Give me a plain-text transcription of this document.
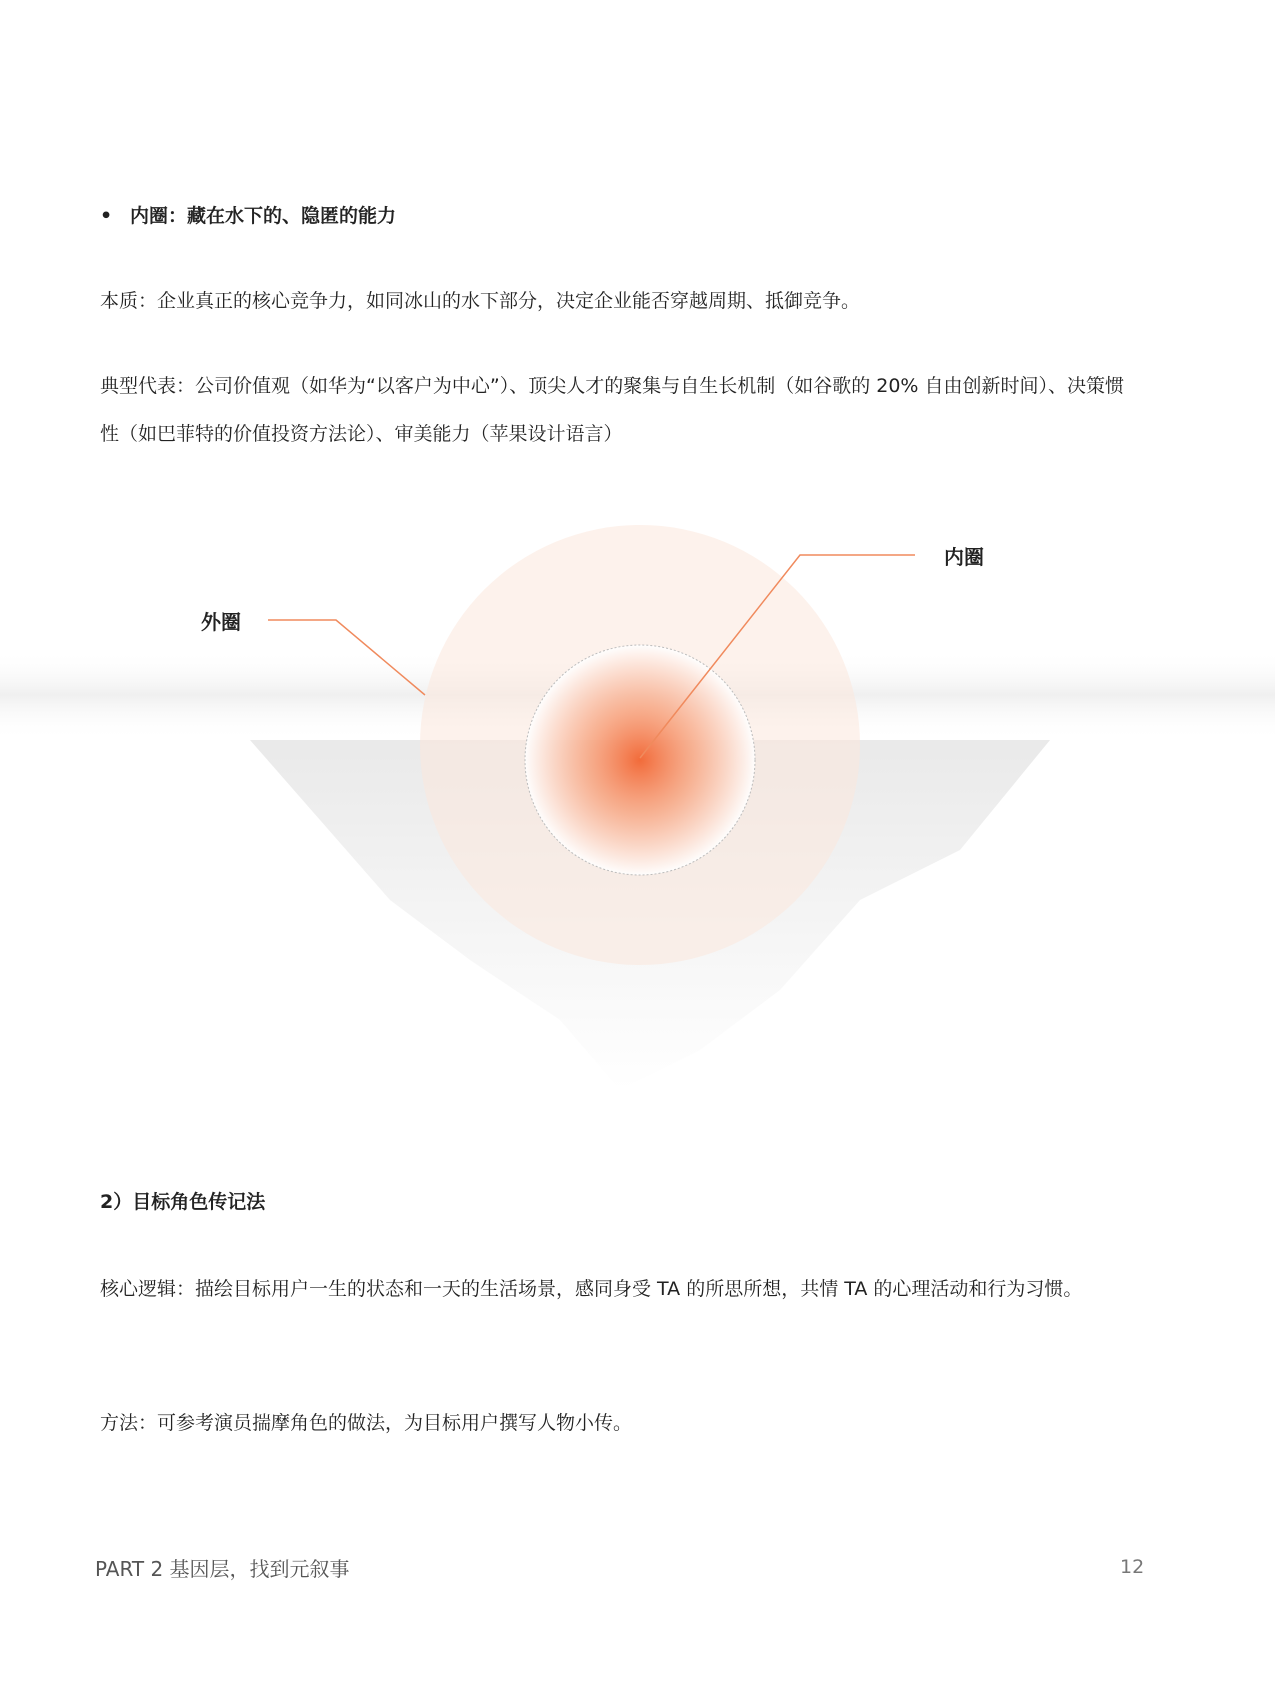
• 内圈：藏在水下的、隐匿的能力

本质：企业真正的核心竞争力，如同冰山的水下部分，决定企业能否穿越周期、抵御竞争。

典型代表：公司价值观（如华为“以客户为中心”）、顶尖人才的聚集与自生长机制（如谷歌的 20% 自由创新时间）、决策惯性（如巴菲特的价值投资方法论）、审美能力（苹果设计语言）

外圈
内圈

2）目标角色传记法

核心逻辑：描绘目标用户一生的状态和一天的生活场景，感同身受 TA 的所思所想，共情 TA 的心理活动和行为习惯。

方法：可参考演员揣摩角色的做法，为目标用户撰写人物小传。

PART 2 基因层，找到元叙事	12
